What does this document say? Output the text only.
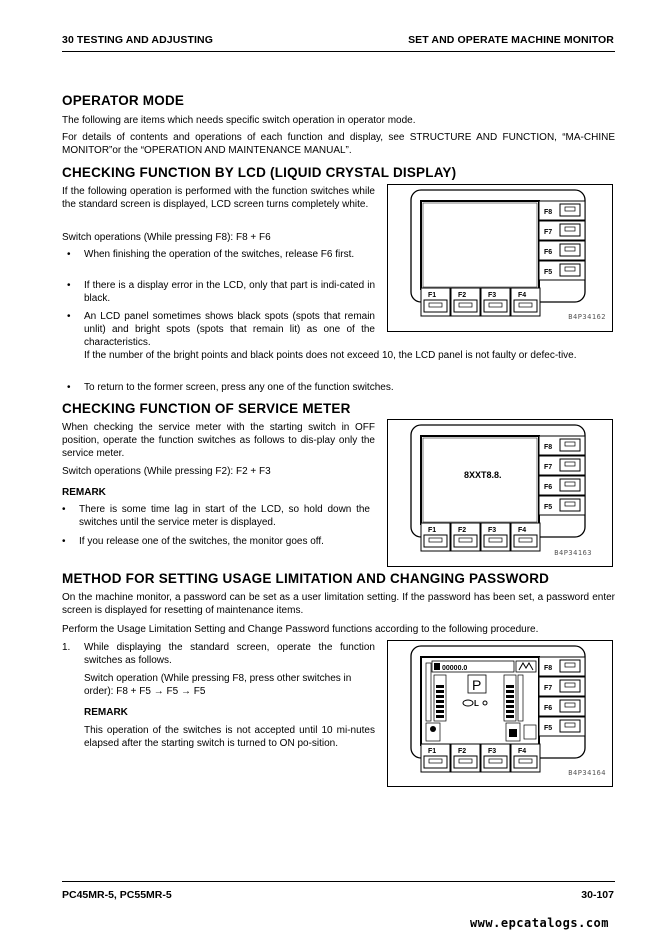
30 TESTING AND ADJUSTING	SET AND OPERATE MACHINE MONITOR
OPERATOR MODE

The following are items which needs specific switch operation in operator mode.

For details of contents and operations of each function and display, see STRUCTURE AND FUNCTION, “MA-CHINE MONITOR”or the “OPERATION AND MAINTENANCE MANUAL”.

CHECKING FUNCTION BY LCD (LIQUID CRYSTAL DISPLAY)

If the following operation is performed with the function switches while the standard screen is displayed, LCD screen turns completely white.

Switch operations (While pressing F8): F8 + F6

• When finishing the operation of the switches, release F6 first.
• If there is a display error in the LCD, only that part is indi-cated in black.
• An LCD panel sometimes shows black spots (spots that remain unlit) and bright spots (spots that remain lit) as one of the characteristics.
If the number of the bright points and black points does not exceed 10, the LCD panel is not faulty or defec-tive.
• To return to the former screen, press any one of the function switches.
F8
F7
F6
F5
F1	F2	F3	F4
B4P34162
CHECKING FUNCTION OF SERVICE METER

When checking the service meter with the starting switch in OFF position, operate the function switches as follows to dis-play only the service meter.

Switch operations (While pressing F2): F2 + F3

REMARK

• There is some time lag in start of the LCD, so hold down the switches until the service meter is displayed.
• If you release one of the switches, the monitor goes off.
8XXT8.8.
F8
F7
F6
F5
F1	F2	F3	F4
B4P34163
METHOD FOR SETTING USAGE LIMITATION AND CHANGING PASSWORD

On the machine monitor, a password can be set as a user limitation setting. If the password has been set, a password enter screen is displayed for resetting of maintenance items.

Perform the Usage Limitation Setting and Change Password functions according to the following procedure.

1. While displaying the standard screen, operate the function switches as follows.

Switch operation (While pressing F8, press other switches in order): F8 + F5 → F5 → F5

REMARK

This operation of the switches is not accepted until 10 mi-nutes elapsed after the starting switch is turned to ON po-sition.

00000.0
P
L
F8
F7
F6
F5
F1	F2	F3	F4
B4P34164
PC45MR-5, PC55MR-5	30-107
www.epcatalogs.com
